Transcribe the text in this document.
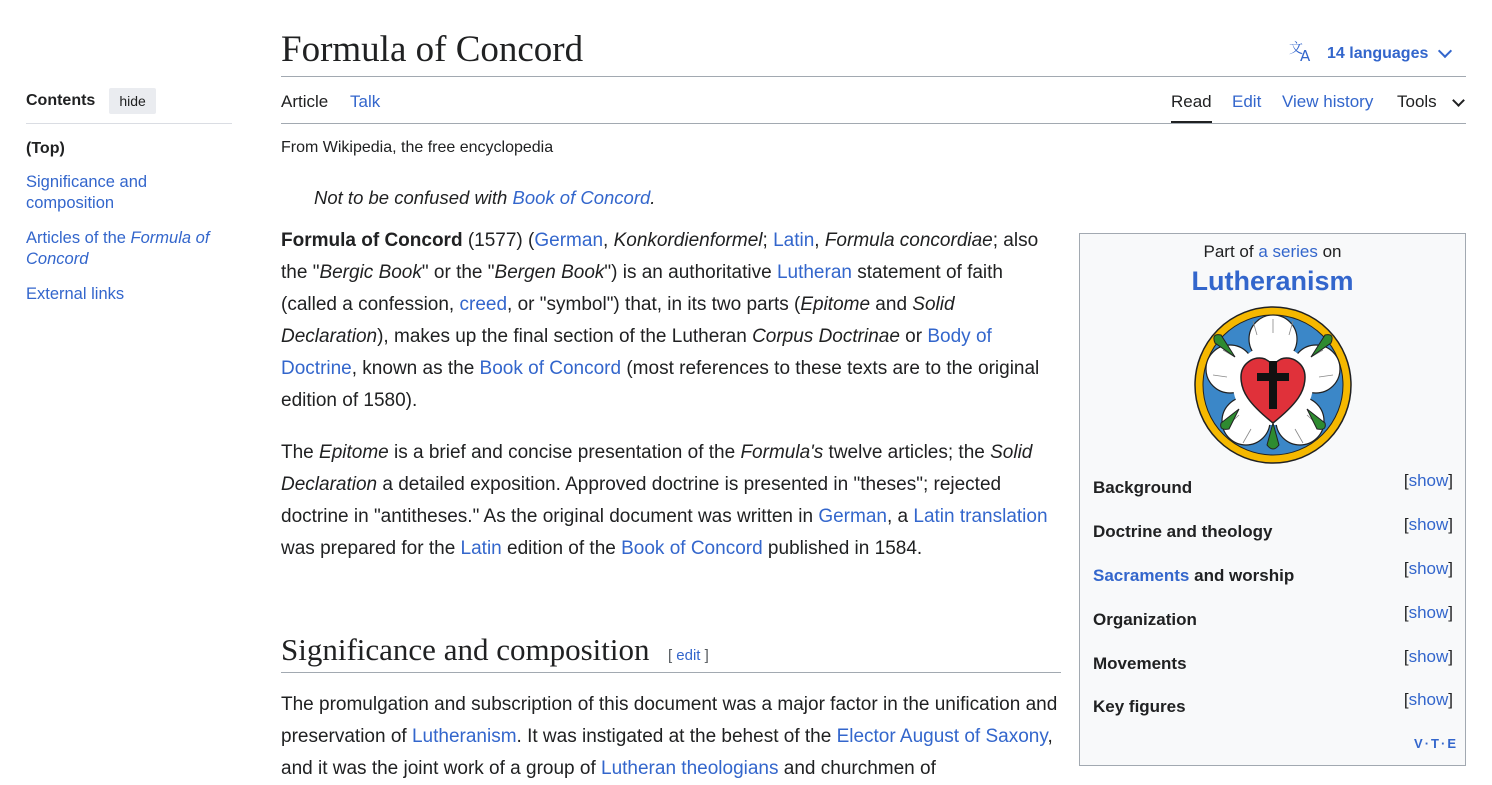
Contents	hide
(Top)
Significance and composition
Articles of the Formula of Concord
External links
Formula of Concord	文
A 14 languages
Article Talk	Read Edit View history Tools
From Wikipedia, the free encyclopedia
Not to be confused with Book of Concord.

Formula of Concord (1577) (German, Konkordienformel; Latin, Formula concordiae; also the "Bergic Book" or the "Bergen Book") is an authoritative Lutheran statement of faith (called a confession, creed, or "symbol") that, in its two parts (Epitome and Solid Declaration), makes up the final section of the Lutheran Corpus Doctrinae or Body of Doctrine, known as the Book of Concord (most references to these texts are to the original edition of 1580).

The Epitome is a brief and concise presentation of the Formula's twelve articles; the Solid Declaration a detailed exposition. Approved doctrine is presented in "theses"; rejected doctrine in "antitheses." As the original document was written in German, a Latin translation was prepared for the Latin edition of the Book of Concord published in 1584.

Significance and composition [ edit ]

The promulgation and subscription of this document was a major factor in the unification and preservation of Lutheranism. It was instigated at the behest of the Elector August of Saxony, and it was the joint work of a group of Lutheran theologians and churchmen of

Part of a series on
Lutheranism
Background	[show]
Doctrine and theology	[show]
Sacraments and worship	[show]
Organization	[show]
Movements	[show]
Key figures	[show]
V·T·E
